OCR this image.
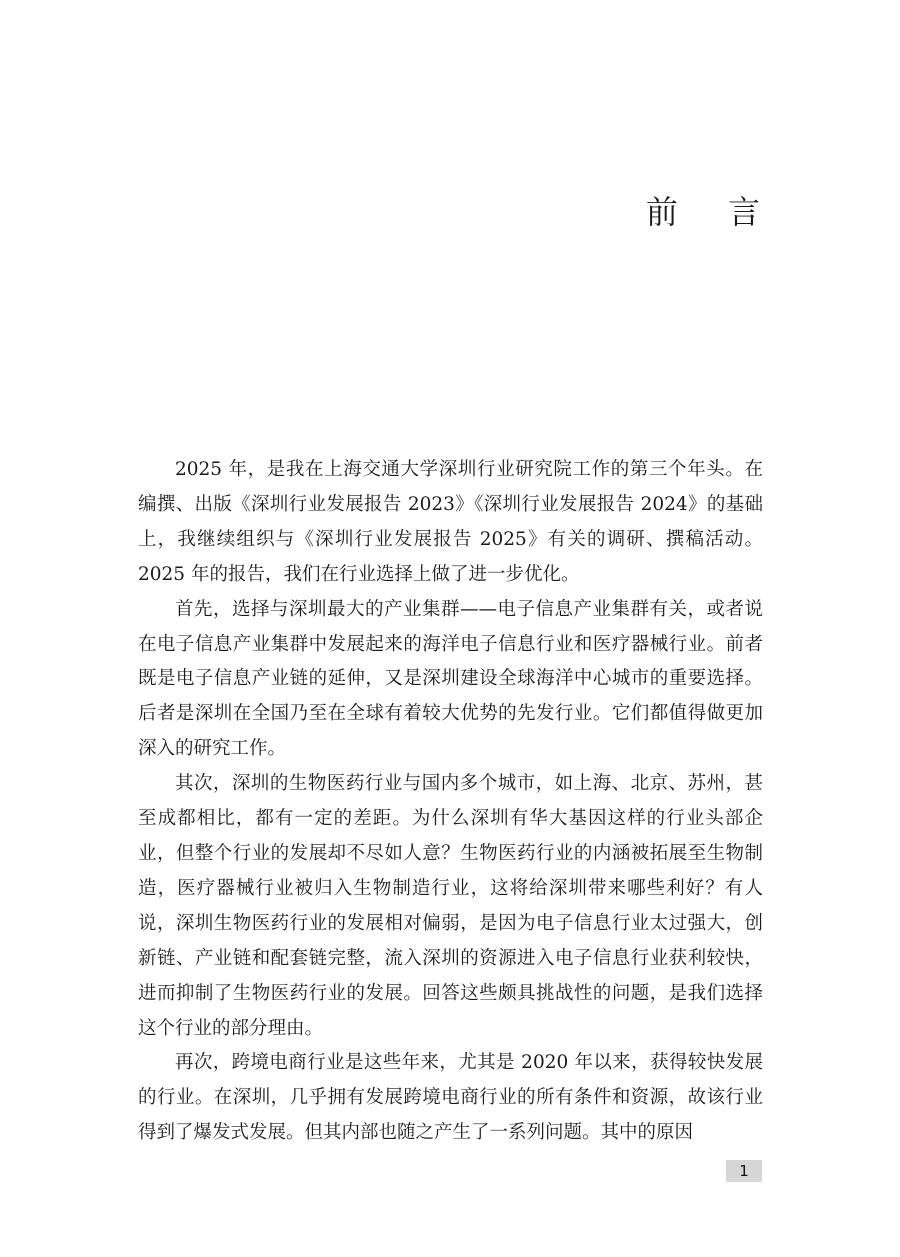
前 言

2025 年，是我在上海交通大学深圳行业研究院工作的第三个年头。在编撰、出版《深圳行业发展报告 2023》《深圳行业发展报告 2024》的基础上，我继续组织与《深圳行业发展报告 2025》有关的调研、撰稿活动。2025 年的报告，我们在行业选择上做了进一步优化。

首先，选择与深圳最大的产业集群——电子信息产业集群有关，或者说在电子信息产业集群中发展起来的海洋电子信息行业和医疗器械行业。前者既是电子信息产业链的延伸，又是深圳建设全球海洋中心城市的重要选择。后者是深圳在全国乃至在全球有着较大优势的先发行业。它们都值得做更加深入的研究工作。

其次，深圳的生物医药行业与国内多个城市，如上海、北京、苏州，甚至成都相比，都有一定的差距。为什么深圳有华大基因这样的行业头部企业，但整个行业的发展却不尽如人意？生物医药行业的内涵被拓展至生物制造，医疗器械行业被归入生物制造行业，这将给深圳带来哪些利好？有人说，深圳生物医药行业的发展相对偏弱，是因为电子信息行业太过强大，创新链、产业链和配套链完整，流入深圳的资源进入电子信息行业获利较快，进而抑制了生物医药行业的发展。回答这些颇具挑战性的问题，是我们选择这个行业的部分理由。

再次，跨境电商行业是这些年来，尤其是 2020 年以来，获得较快发展的行业。在深圳，几乎拥有发展跨境电商行业的所有条件和资源，故该行业得到了爆发式发展。但其内部也随之产生了一系列问题。其中的原因

1
